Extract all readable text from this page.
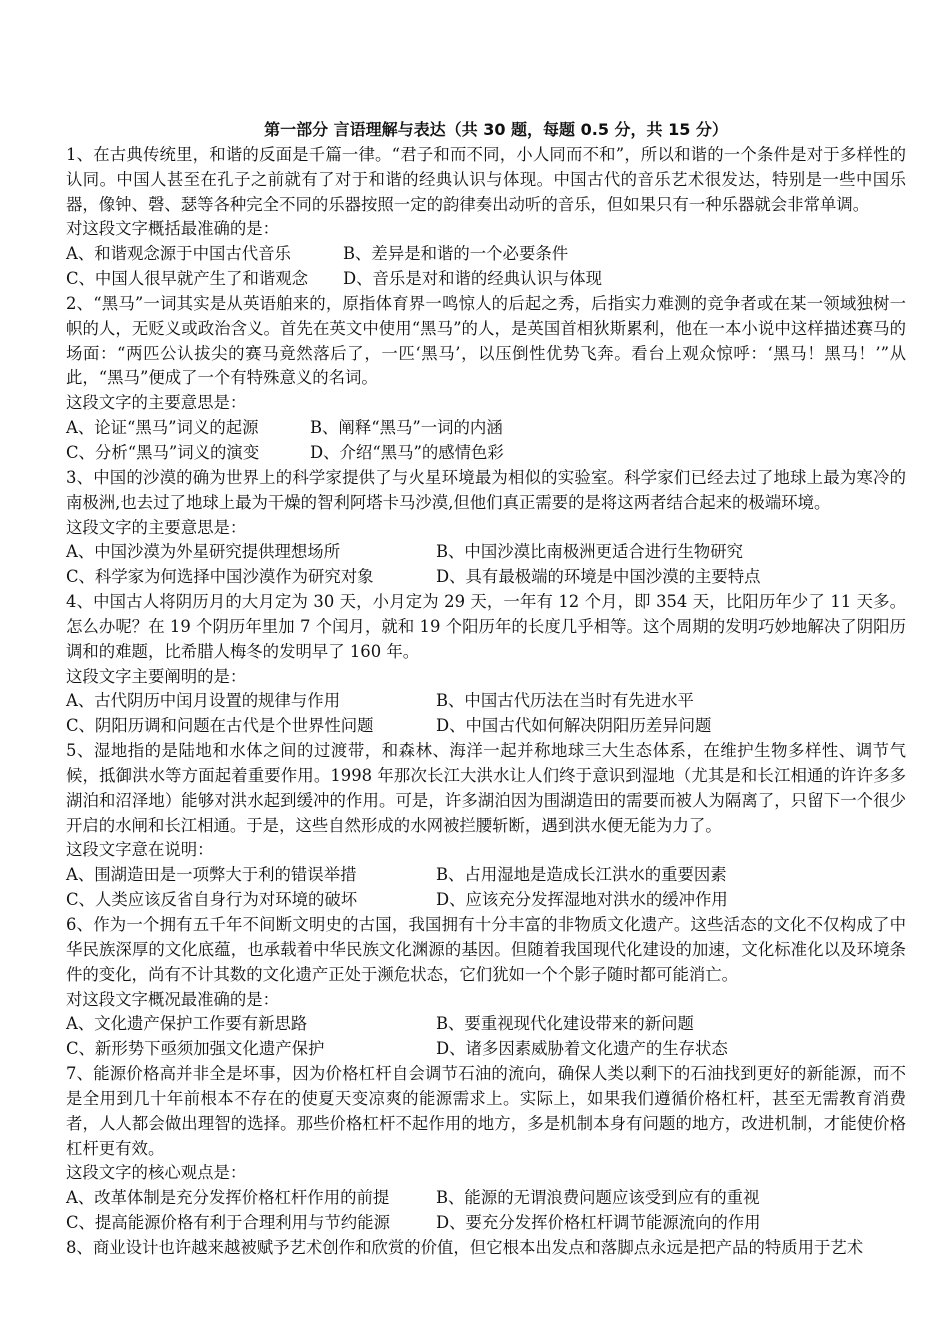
第一部分 言语理解与表达（共 30 题，每题 0.5 分，共 15 分）

1、在古典传统里，和谐的反面是千篇一律。“君子和而不同，小人同而不和”，所以和谐的一个条件是对于多样性的认同。中国人甚至在孔子之前就有了对于和谐的经典认识与体现。中国古代的音乐艺术很发达，特别是一些中国乐器，像钟、磬、瑟等各种完全不同的乐器按照一定的韵律奏出动听的音乐，但如果只有一种乐器就会非常单调。

对这段文字概括最准确的是：

A、和谐观念源于中国古代音乐	B、差异是和谐的一个必要条件
C、中国人很早就产生了和谐观念	D、音乐是对和谐的经典认识与体现

2、“黑马”一词其实是从英语舶来的，原指体育界一鸣惊人的后起之秀，后指实力难测的竞争者或在某一领域独树一帜的人，无贬义或政治含义。首先在英文中使用“黑马”的人，是英国首相狄斯累利，他在一本小说中这样描述赛马的场面：“两匹公认拔尖的赛马竟然落后了，一匹‘黑马’，以压倒性优势飞奔。看台上观众惊呼：‘黑马！黑马！’”从此，“黑马”便成了一个有特殊意义的名词。

这段文字的主要意思是：

A、论证“黑马”词义的起源	B、阐释“黑马”一词的内涵
C、分析“黑马”词义的演变	D、介绍“黑马”的感情色彩

3、中国的沙漠的确为世界上的科学家提供了与火星环境最为相似的实验室。科学家们已经去过了地球上最为寒冷的南极洲,也去过了地球上最为干燥的智利阿塔卡马沙漠,但他们真正需要的是将这两者结合起来的极端环境。

这段文字的主要意思是：

A、中国沙漠为外星研究提供理想场所	B、中国沙漠比南极洲更适合进行生物研究
C、科学家为何选择中国沙漠作为研究对象	D、具有最极端的环境是中国沙漠的主要特点

4、中国古人将阴历月的大月定为 30 天，小月定为 29 天，一年有 12 个月，即 354 天，比阳历年少了 11 天多。怎么办呢？在 19 个阴历年里加 7 个闰月，就和 19 个阳历年的长度几乎相等。这个周期的发明巧妙地解决了阴阳历调和的难题，比希腊人梅冬的发明早了 160 年。

这段文字主要阐明的是：

A、古代阴历中闰月设置的规律与作用	B、中国古代历法在当时有先进水平
C、阴阳历调和问题在古代是个世界性问题	D、中国古代如何解决阴阳历差异问题

5、湿地指的是陆地和水体之间的过渡带，和森林、海洋一起并称地球三大生态体系，在维护生物多样性、调节气候，抵御洪水等方面起着重要作用。1998 年那次长江大洪水让人们终于意识到湿地（尤其是和长江相通的许许多多湖泊和沼泽地）能够对洪水起到缓冲的作用。可是，许多湖泊因为围湖造田的需要而被人为隔离了，只留下一个很少开启的水闸和长江相通。于是，这些自然形成的水网被拦腰斩断，遇到洪水便无能为力了。

这段文字意在说明：

A、围湖造田是一项弊大于利的错误举措	B、占用湿地是造成长江洪水的重要因素
C、人类应该反省自身行为对环境的破坏	D、应该充分发挥湿地对洪水的缓冲作用

6、作为一个拥有五千年不间断文明史的古国，我国拥有十分丰富的非物质文化遗产。这些活态的文化不仅构成了中华民族深厚的文化底蕴，也承载着中华民族文化渊源的基因。但随着我国现代化建设的加速，文化标准化以及环境条件的变化，尚有不计其数的文化遗产正处于濒危状态，它们犹如一个个影子随时都可能消亡。

对这段文字概况最准确的是：

A、文化遗产保护工作要有新思路	B、要重视现代化建设带来的新问题
C、新形势下亟须加强文化遗产保护	D、诸多因素威胁着文化遗产的生存状态

7、能源价格高并非全是坏事，因为价格杠杆自会调节石油的流向，确保人类以剩下的石油找到更好的新能源，而不是全用到几十年前根本不存在的使夏天变凉爽的能源需求上。实际上，如果我们遵循价格杠杆，甚至无需教育消费者，人人都会做出理智的选择。那些价格杠杆不起作用的地方，多是机制本身有问题的地方，改进机制，才能使价格杠杆更有效。

这段文字的核心观点是：

A、改革体制是充分发挥价格杠杆作用的前提	B、能源的无谓浪费问题应该受到应有的重视
C、提高能源价格有利于合理利用与节约能源	D、要充分发挥价格杠杆调节能源流向的作用

8、商业设计也许越来越被赋予艺术创作和欣赏的价值，但它根本出发点和落脚点永远是把产品的特质用于艺术
